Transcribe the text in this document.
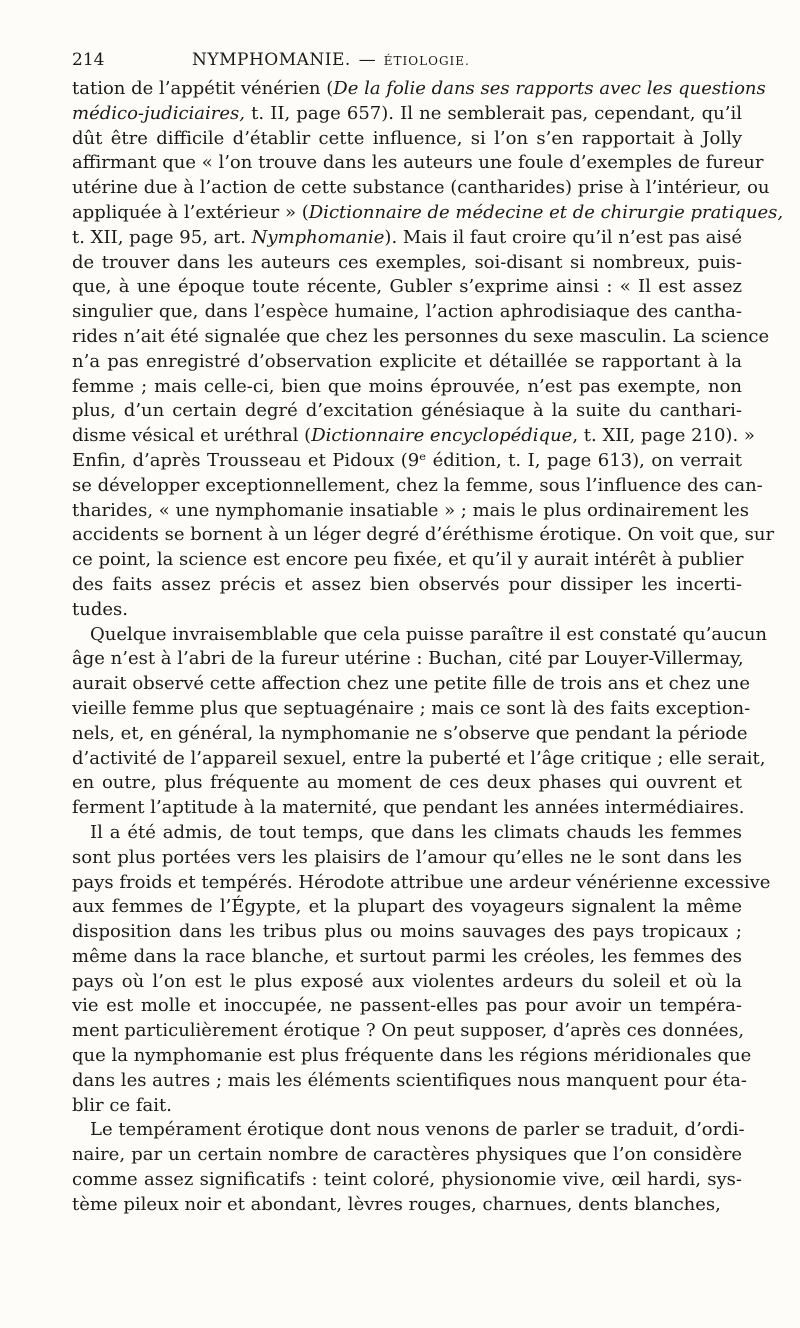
214	NYMPHOMANIE. — ÉTIOLOGIE.
tation de l’appétit vénérien (De la folie dans ses rapports avec les questions
médico-judiciaires, t. II, page 657). Il ne semblerait pas, cependant, qu’il
dût être difficile d’établir cette influence, si l’on s’en rapportait à Jolly
affirmant que « l’on trouve dans les auteurs une foule d’exemples de fureur
utérine due à l’action de cette substance (cantharides) prise à l’intérieur, ou
appliquée à l’extérieur » (Dictionnaire de médecine et de chirurgie pratiques,
t. XII, page 95, art. Nymphomanie). Mais il faut croire qu’il n’est pas aisé
de trouver dans les auteurs ces exemples, soi-disant si nombreux, puis-
que, à une époque toute récente, Gubler s’exprime ainsi : « Il est assez
singulier que, dans l’espèce humaine, l’action aphrodisiaque des cantha-
rides n’ait été signalée que chez les personnes du sexe masculin. La science
n’a pas enregistré d’observation explicite et détaillée se rapportant à la
femme ; mais celle-ci, bien que moins éprouvée, n’est pas exempte, non
plus, d’un certain degré d’excitation génésiaque à la suite du canthari-
disme vésical et uréthral (Dictionnaire encyclopédique, t. XII, page 210). »
Enfin, d’après Trousseau et Pidoux (9ᵉ édition, t. I, page 613), on verrait
se développer exceptionnellement, chez la femme, sous l’influence des can-
tharides, « une nymphomanie insatiable » ; mais le plus ordinairement les
accidents se bornent à un léger degré d’éréthisme érotique. On voit que, sur
ce point, la science est encore peu fixée, et qu’il y aurait intérêt à publier
des faits assez précis et assez bien observés pour dissiper les incerti-
tudes.
Quelque invraisemblable que cela puisse paraître il est constaté qu’aucun
âge n’est à l’abri de la fureur utérine : Buchan, cité par Louyer-Villermay,
aurait observé cette affection chez une petite fille de trois ans et chez une
vieille femme plus que septuagénaire ; mais ce sont là des faits exception-
nels, et, en général, la nymphomanie ne s’observe que pendant la période
d’activité de l’appareil sexuel, entre la puberté et l’âge critique ; elle serait,
en outre, plus fréquente au moment de ces deux phases qui ouvrent et
ferment l’aptitude à la maternité, que pendant les années intermédiaires.
Il a été admis, de tout temps, que dans les climats chauds les femmes
sont plus portées vers les plaisirs de l’amour qu’elles ne le sont dans les
pays froids et tempérés. Hérodote attribue une ardeur vénérienne excessive
aux femmes de l’Égypte, et la plupart des voyageurs signalent la même
disposition dans les tribus plus ou moins sauvages des pays tropicaux ;
même dans la race blanche, et surtout parmi les créoles, les femmes des
pays où l’on est le plus exposé aux violentes ardeurs du soleil et où la
vie est molle et inoccupée, ne passent-elles pas pour avoir un tempéra-
ment particulièrement érotique ? On peut supposer, d’après ces données,
que la nymphomanie est plus fréquente dans les régions méridionales que
dans les autres ; mais les éléments scientifiques nous manquent pour éta-
blir ce fait.
Le tempérament érotique dont nous venons de parler se traduit, d’ordi-
naire, par un certain nombre de caractères physiques que l’on considère
comme assez significatifs : teint coloré, physionomie vive, œil hardi, sys-
tème pileux noir et abondant, lèvres rouges, charnues, dents blanches,
